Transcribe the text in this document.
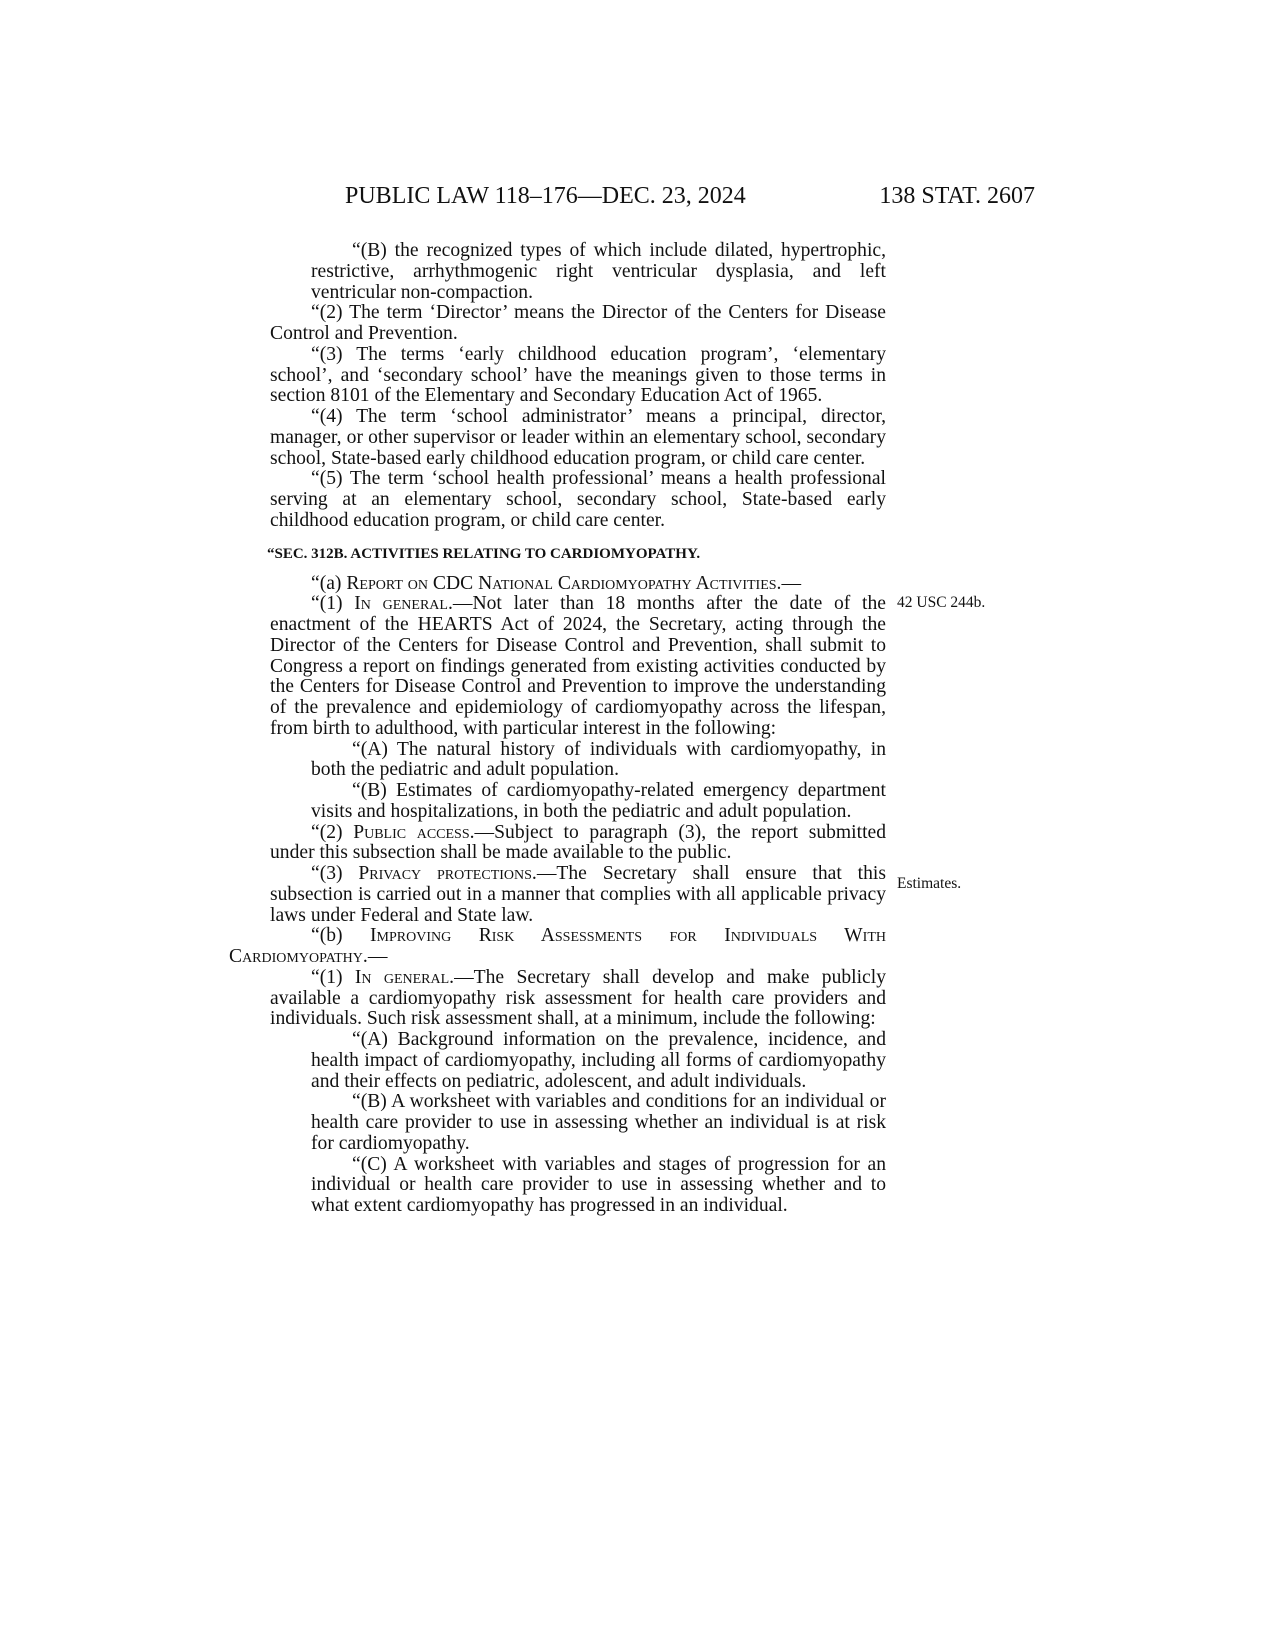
PUBLIC LAW 118–176—DEC. 23, 2024	138 STAT. 2607

“(B) the recognized types of which include dilated, hypertrophic, restrictive, arrhythmogenic right ventricular dysplasia, and left ventricular non-compaction.

“(2) The term ‘Director’ means the Director of the Centers for Disease Control and Prevention.

“(3) The terms ‘early childhood education program’, ‘elementary school’, and ‘secondary school’ have the meanings given to those terms in section 8101 of the Elementary and Secondary Education Act of 1965.

“(4) The term ‘school administrator’ means a principal, director, manager, or other supervisor or leader within an elementary school, secondary school, State-based early childhood education program, or child care center.

“(5) The term ‘school health professional’ means a health professional serving at an elementary school, secondary school, State-based early childhood education program, or child care center.

“SEC. 312B. ACTIVITIES RELATING TO CARDIOMYOPATHY.

“(a) Report on CDC National Cardiomyopathy Activities.—

“(1) In general.—Not later than 18 months after the date of the enactment of the HEARTS Act of 2024, the Secretary, acting through the Director of the Centers for Disease Control and Prevention, shall submit to Congress a report on findings generated from existing activities conducted by the Centers for Disease Control and Prevention to improve the understanding of the prevalence and epidemiology of cardiomyopathy across the lifespan, from birth to adulthood, with particular interest in the following:

“(A) The natural history of individuals with cardiomyopathy, in both the pediatric and adult population.

“(B) Estimates of cardiomyopathy-related emergency department visits and hospitalizations, in both the pediatric and adult population.

“(2) Public access.—Subject to paragraph (3), the report submitted under this subsection shall be made available to the public.

“(3) Privacy protections.—The Secretary shall ensure that this subsection is carried out in a manner that complies with all applicable privacy laws under Federal and State law.

“(b) Improving Risk Assessments for Individuals With Cardiomyopathy.—

“(1) In general.—The Secretary shall develop and make publicly available a cardiomyopathy risk assessment for health care providers and individuals. Such risk assessment shall, at a minimum, include the following:

“(A) Background information on the prevalence, incidence, and health impact of cardiomyopathy, including all forms of cardiomyopathy and their effects on pediatric, adolescent, and adult individuals.

“(B) A worksheet with variables and conditions for an individual or health care provider to use in assessing whether an individual is at risk for cardiomyopathy.

“(C) A worksheet with variables and stages of progression for an individual or health care provider to use in assessing whether and to what extent cardiomyopathy has progressed in an individual.

42 USC 244b.
Estimates.
